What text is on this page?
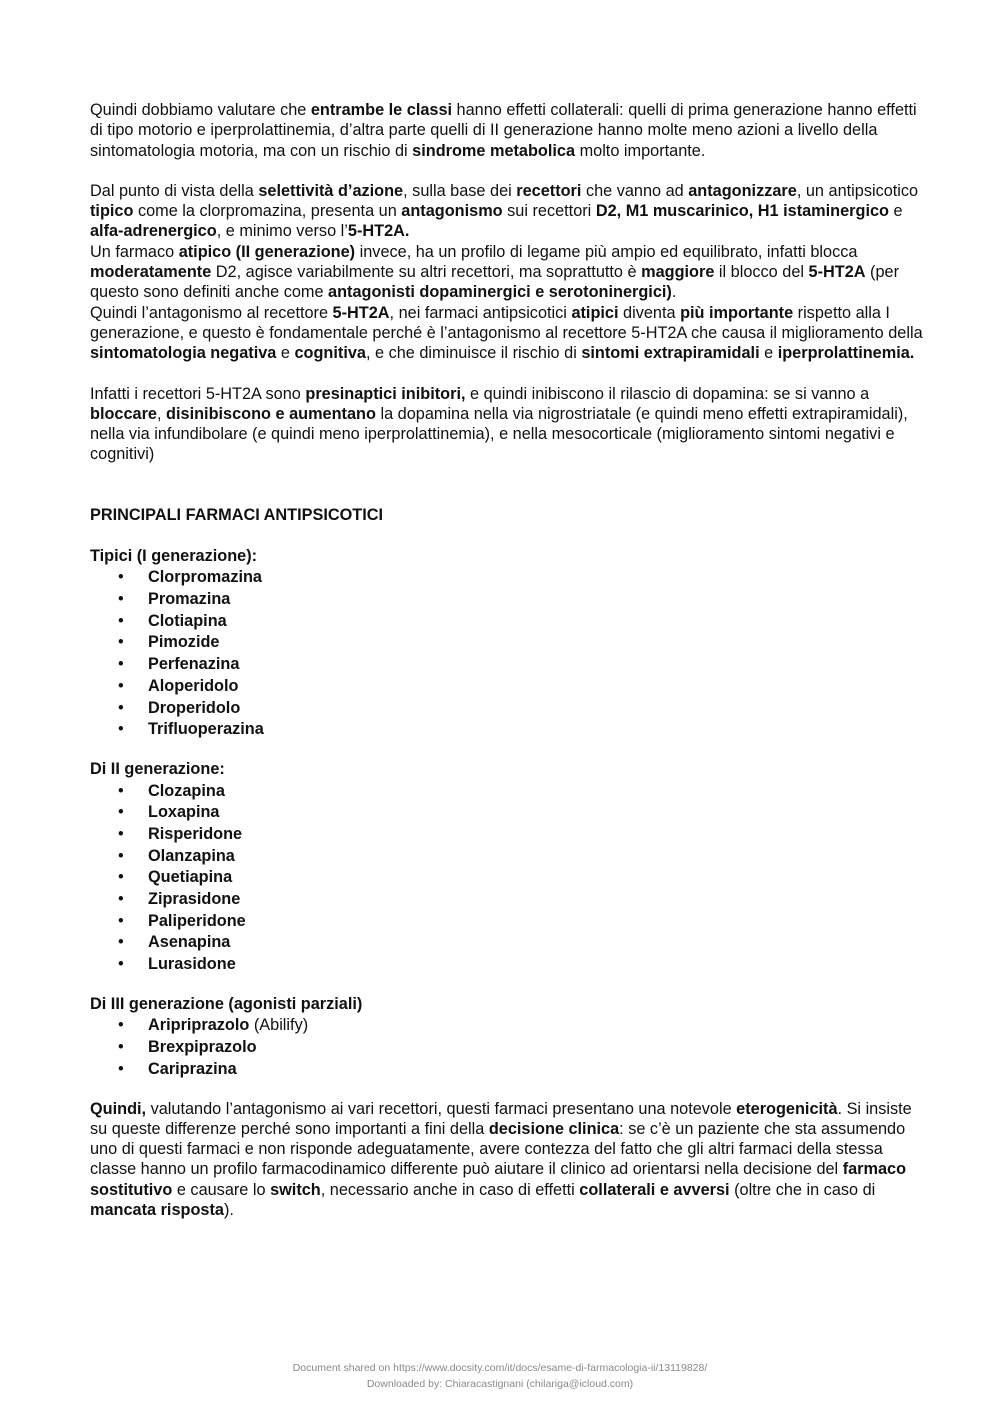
Quindi dobbiamo valutare che entrambe le classi hanno effetti collaterali: quelli di prima generazione hanno effetti di tipo motorio e iperprolattinemia, d’altra parte quelli di II generazione hanno molte meno azioni a livello della sintomatologia motoria, ma con un rischio di sindrome metabolica molto importante.

Dal punto di vista della selettività d’azione, sulla base dei recettori che vanno ad antagonizzare, un antipsicotico tipico come la clorpromazina, presenta un antagonismo sui recettori D2, M1 muscarinico, H1 istaminergico e alfa-adrenergico, e minimo verso l’5-HT2A.

Un farmaco atipico (II generazione) invece, ha un profilo di legame più ampio ed equilibrato, infatti blocca moderatamente D2, agisce variabilmente su altri recettori, ma soprattutto è maggiore il blocco del 5-HT2A (per questo sono definiti anche come antagonisti dopaminergici e serotoninergici).

Quindi l’antagonismo al recettore 5-HT2A, nei farmaci antipsicotici atipici diventa più importante rispetto alla I generazione, e questo è fondamentale perché è l’antagonismo al recettore 5-HT2A che causa il miglioramento della sintomatologia negativa e cognitiva, e che diminuisce il rischio di sintomi extrapiramidali e iperprolattinemia.

Infatti i recettori 5-HT2A sono presinaptici inibitori, e quindi inibiscono il rilascio di dopamina: se si vanno a bloccare, disinibiscono e aumentano la dopamina nella via nigrostriatale (e quindi meno effetti extrapiramidali), nella via infundibolare (e quindi meno iperprolattinemia), e nella mesocorticale (miglioramento sintomi negativi e cognitivi)

PRINCIPALI FARMACI ANTIPSICOTICI

Tipici (I generazione):

• Clorpromazina
• Promazina
• Clotiapina
• Pimozide
• Perfenazina
• Aloperidolo
• Droperidolo
• Trifluoperazina

Di II generazione:

• Clozapina
• Loxapina
• Risperidone
• Olanzapina
• Quetiapina
• Ziprasidone
• Paliperidone
• Asenapina
• Lurasidone

Di III generazione (agonisti parziali)

• Aripriprazolo (Abilify)
• Brexpiprazolo
• Cariprazina

Quindi, valutando l’antagonismo ai vari recettori, questi farmaci presentano una notevole eterogenicità. Si insiste su queste differenze perché sono importanti a fini della decisione clinica: se c’è un paziente che sta assumendo uno di questi farmaci e non risponde adeguatamente, avere contezza del fatto che gli altri farmaci della stessa classe hanno un profilo farmacodinamico differente può aiutare il clinico ad orientarsi nella decisione del farmaco sostitutivo e causare lo switch, necessario anche in caso di effetti collaterali e avversi (oltre che in caso di mancata risposta).

Document shared on https://www.docsity.com/it/docs/esame-di-farmacologia-ii/13119828/
Downloaded by: Chiaracastignani (chilariga@icloud.com)
